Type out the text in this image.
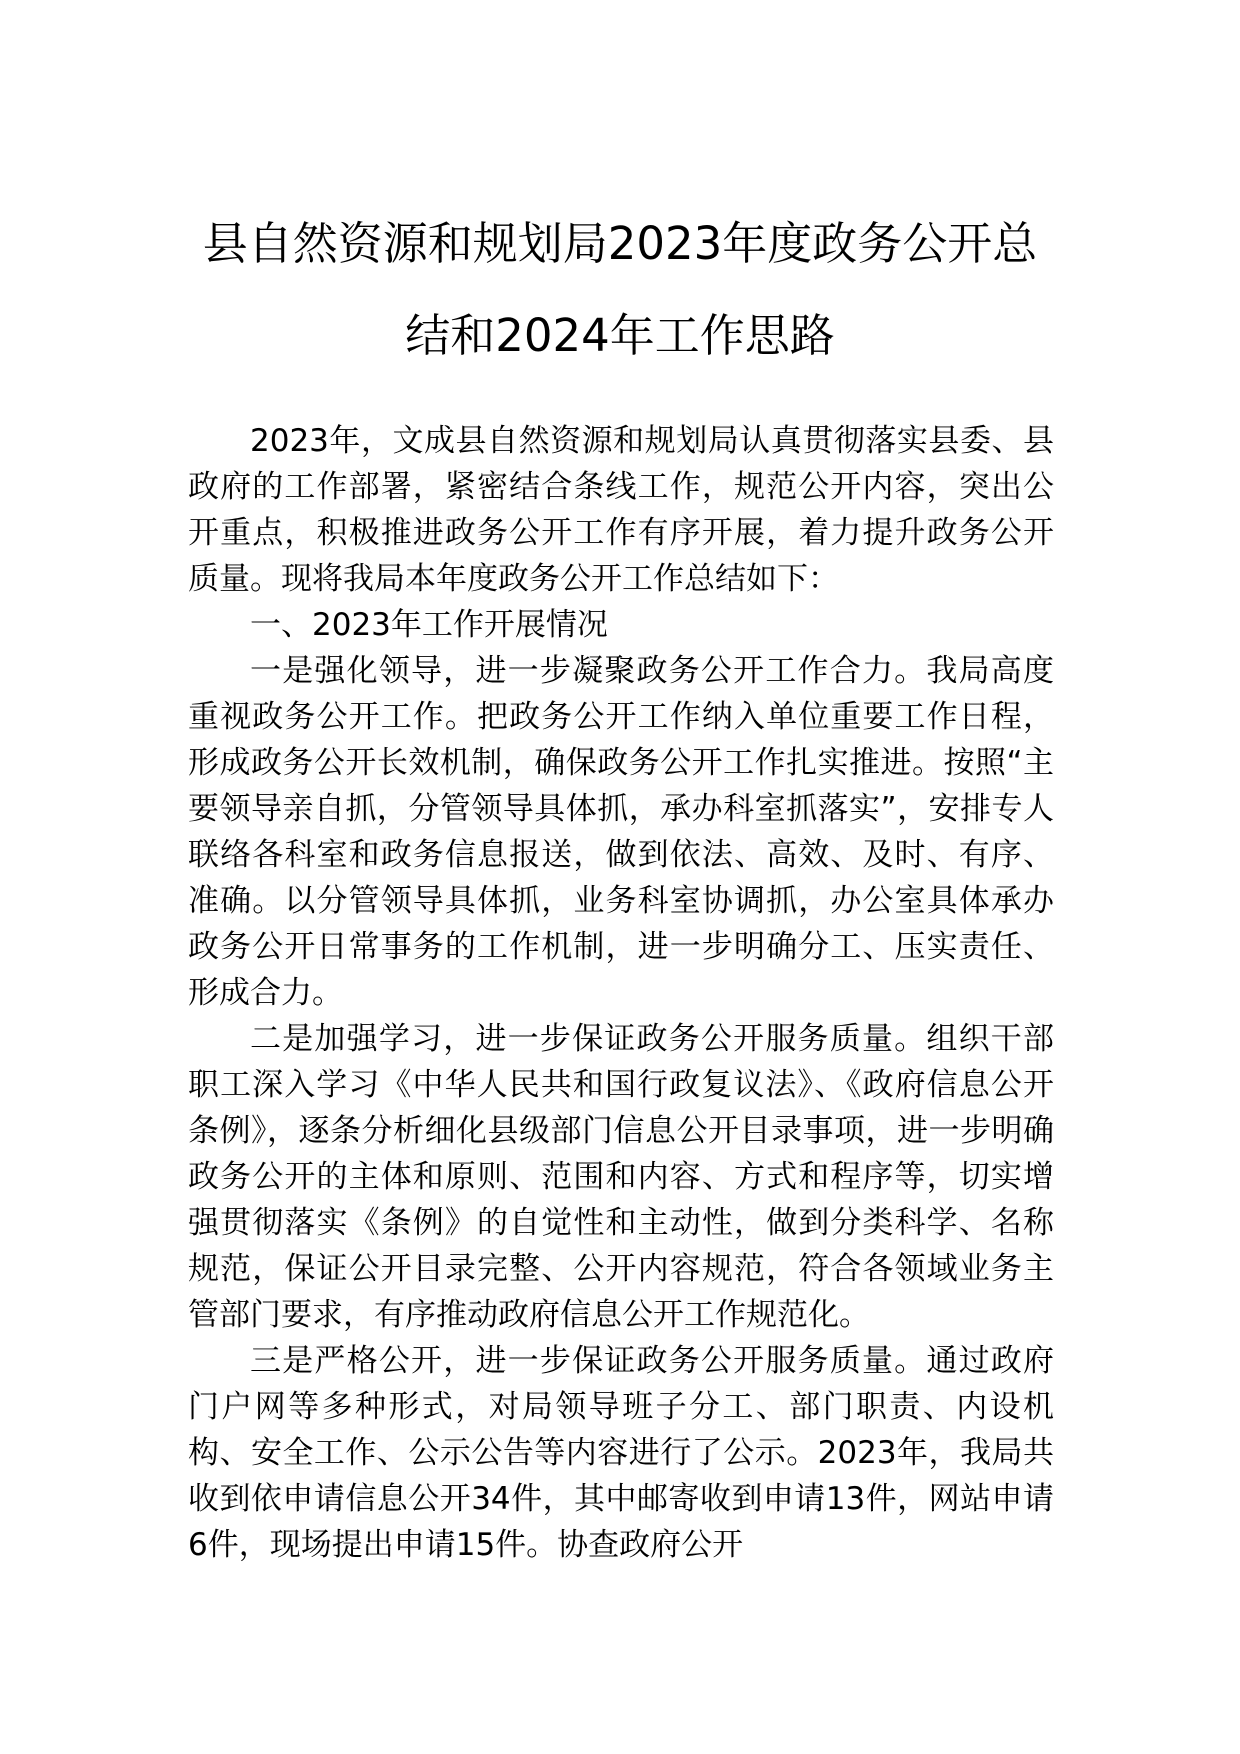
县自然资源和规划局2023年度政务公开总
结和2024年工作思路

2023年，文成县自然资源和规划局认真贯彻落实县委、县政府的工作部署，紧密结合条线工作，规范公开内容，突出公开重点，积极推进政务公开工作有序开展，着力提升政务公开质量。现将我局本年度政务公开工作总结如下：

一、2023年工作开展情况

一是强化领导，进一步凝聚政务公开工作合力。我局高度重视政务公开工作。把政务公开工作纳入单位重要工作日程，形成政务公开长效机制，确保政务公开工作扎实推进。按照“主要领导亲自抓，分管领导具体抓，承办科室抓落实”，安排专人联络各科室和政务信息报送，做到依法、高效、及时、有序、准确。以分管领导具体抓，业务科室协调抓，办公室具体承办政务公开日常事务的工作机制，进一步明确分工、压实责任、形成合力。

二是加强学习，进一步保证政务公开服务质量。组织干部职工深入学习《中华人民共和国行政复议法》、《政府信息公开条例》，逐条分析细化县级部门信息公开目录事项，进一步明确政务公开的主体和原则、范围和内容、方式和程序等，切实增强贯彻落实《条例》的自觉性和主动性，做到分类科学、名称规范，保证公开目录完整、公开内容规范，符合各领域业务主管部门要求，有序推动政府信息公开工作规范化。

三是严格公开，进一步保证政务公开服务质量。通过政府门户网等多种形式，对局领导班子分工、部门职责、内设机构、安全工作、公示公告等内容进行了公示。2023年，我局共收到依申请信息公开34件，其中邮寄收到申请13件，网站申请6件，现场提出申请15件。协查政府公开
